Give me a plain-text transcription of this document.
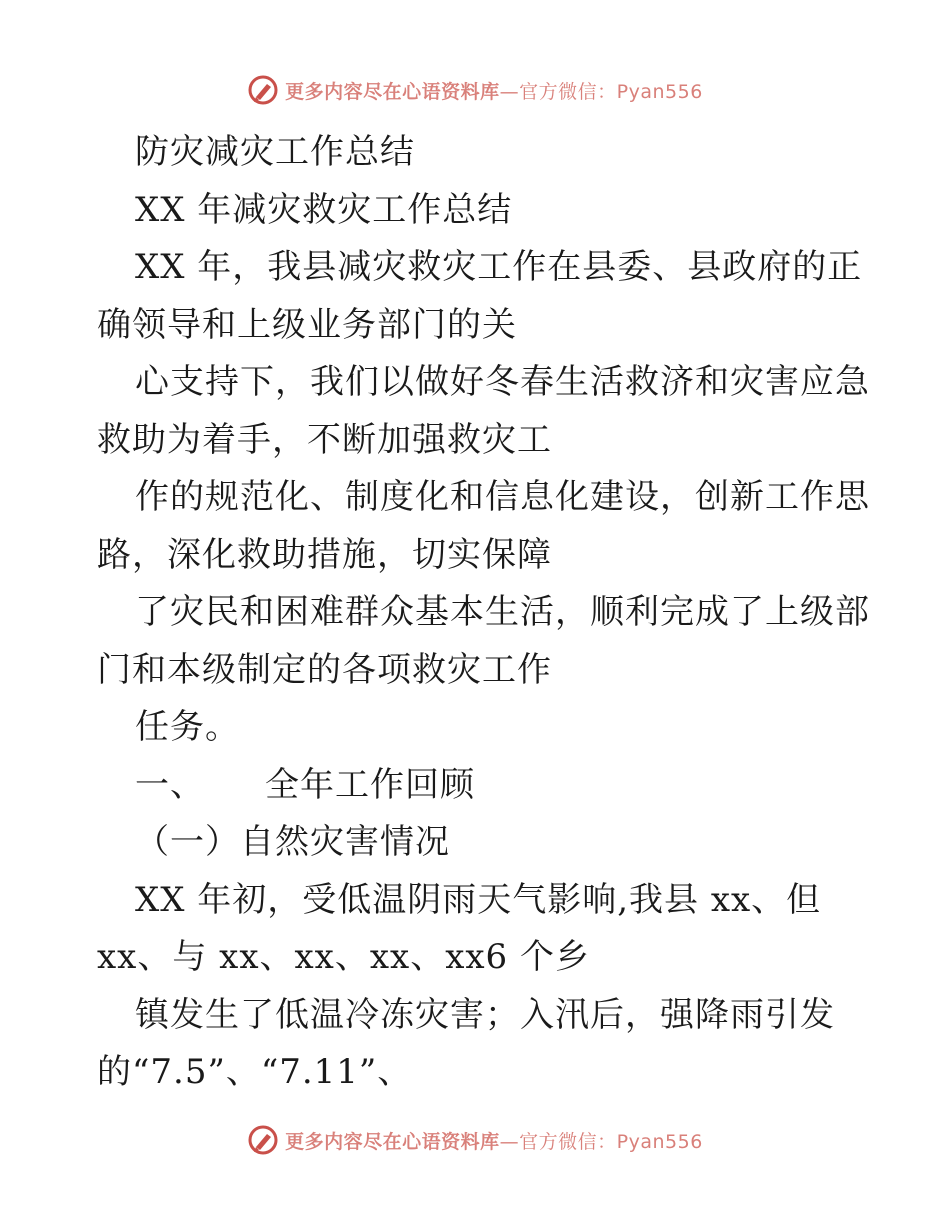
更多内容尽在心语资料库—官方微信：Pyan556
防灾减灾工作总结
XX 年减灾救灾工作总结
XX 年，我县减灾救灾工作在县委、县政府的正
确领导和上级业务部门的关
心支持下，我们以做好冬春生活救济和灾害应急
救助为着手，不断加强救灾工
作的规范化、制度化和信息化建设，创新工作思
路，深化救助措施，切实保障
了灾民和困难群众基本生活，顺利完成了上级部
门和本级制定的各项救灾工作
任务。
一、 全年工作回顾
（一）自然灾害情况
XX 年初，受低温阴雨天气影响,我县 xx、但
xx、与 xx、xx、xx、xx6 个乡
镇发生了低温冷冻灾害；入汛后，强降雨引发
的“7.5”、“7.11”、
更多内容尽在心语资料库—官方微信：Pyan556
